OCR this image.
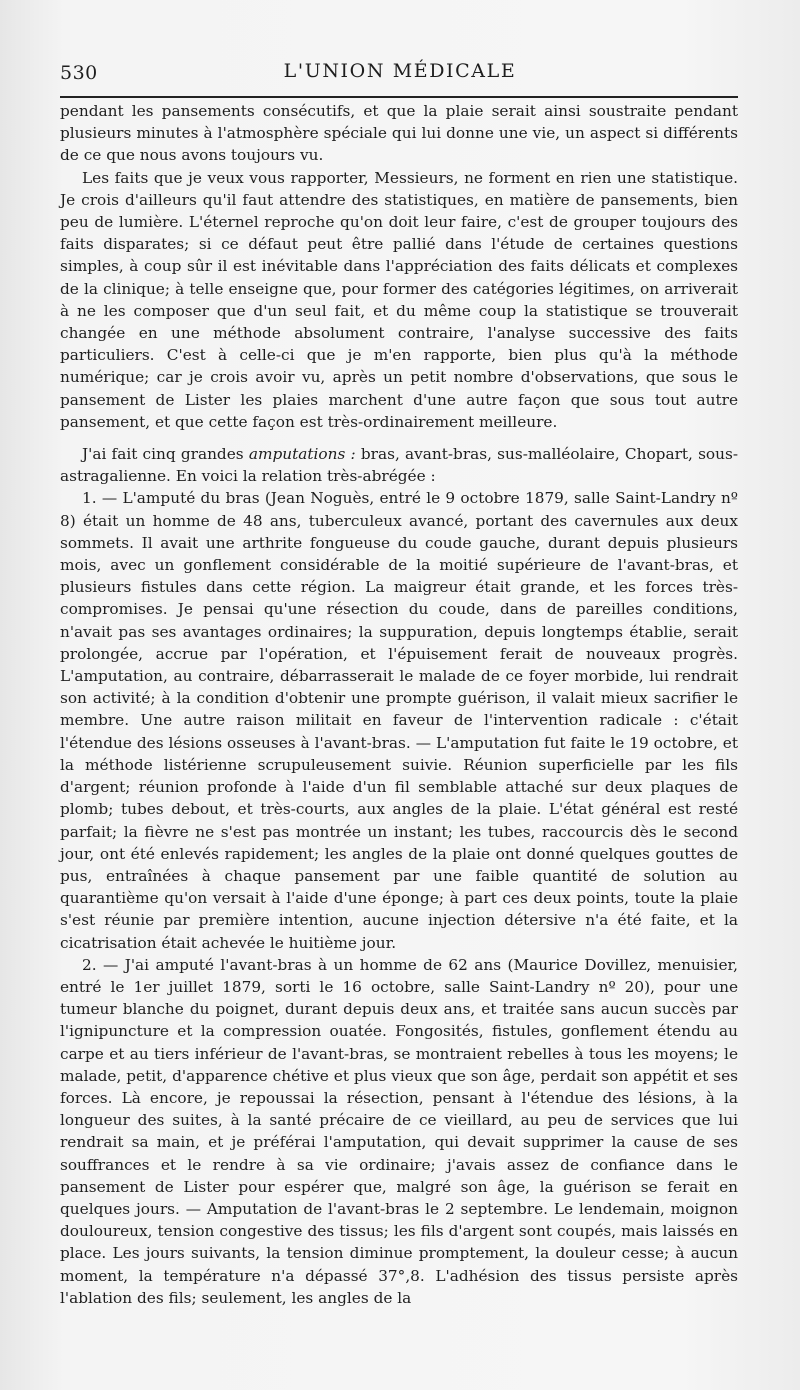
530	L'UNION MÉDICALE

pendant les pansements consécutifs, et que la plaie serait ainsi soustraite pendant plusieurs minutes à l'atmosphère spéciale qui lui donne une vie, un aspect si différents de ce que nous avons toujours vu.

Les faits que je veux vous rapporter, Messieurs, ne forment en rien une statistique. Je crois d'ailleurs qu'il faut attendre des statistiques, en matière de pansements, bien peu de lumière. L'éternel reproche qu'on doit leur faire, c'est de grouper toujours des faits disparates; si ce défaut peut être pallié dans l'étude de certaines questions simples, à coup sûr il est inévitable dans l'appréciation des faits délicats et complexes de la clinique; à telle enseigne que, pour former des catégories légitimes, on arriverait à ne les composer que d'un seul fait, et du même coup la statistique se trouverait changée en une méthode absolument contraire, l'analyse successive des faits particuliers. C'est à celle-ci que je m'en rapporte, bien plus qu'à la méthode numérique; car je crois avoir vu, après un petit nombre d'observations, que sous le pansement de Lister les plaies marchent d'une autre façon que sous tout autre pansement, et que cette façon est très-ordinairement meilleure.

J'ai fait cinq grandes amputations : bras, avant-bras, sus-malléolaire, Chopart, sous-astragalienne. En voici la relation très-abrégée :

1. — L'amputé du bras (Jean Noguès, entré le 9 octobre 1879, salle Saint-Landry nº 8) était un homme de 48 ans, tuberculeux avancé, portant des cavernules aux deux sommets. Il avait une arthrite fongueuse du coude gauche, durant depuis plusieurs mois, avec un gonflement considérable de la moitié supérieure de l'avant-bras, et plusieurs fistules dans cette région. La maigreur était grande, et les forces très-compromises. Je pensai qu'une résection du coude, dans de pareilles conditions, n'avait pas ses avantages ordinaires; la suppuration, depuis longtemps établie, serait prolongée, accrue par l'opération, et l'épuisement ferait de nouveaux progrès. L'amputation, au contraire, débarrasserait le malade de ce foyer morbide, lui rendrait son activité; à la condition d'obtenir une prompte guérison, il valait mieux sacrifier le membre. Une autre raison militait en faveur de l'intervention radicale : c'était l'étendue des lésions osseuses à l'avant-bras. — L'amputation fut faite le 19 octobre, et la méthode listérienne scrupuleusement suivie. Réunion superficielle par les fils d'argent; réunion profonde à l'aide d'un fil semblable attaché sur deux plaques de plomb; tubes debout, et très-courts, aux angles de la plaie. L'état général est resté parfait; la fièvre ne s'est pas montrée un instant; les tubes, raccourcis dès le second jour, ont été enlevés rapidement; les angles de la plaie ont donné quelques gouttes de pus, entraînées à chaque pansement par une faible quantité de solution au quarantième qu'on versait à l'aide d'une éponge; à part ces deux points, toute la plaie s'est réunie par première intention, aucune injection détersive n'a été faite, et la cicatrisation était achevée le huitième jour.

2. — J'ai amputé l'avant-bras à un homme de 62 ans (Maurice Dovillez, menuisier, entré le 1er juillet 1879, sorti le 16 octobre, salle Saint-Landry nº 20), pour une tumeur blanche du poignet, durant depuis deux ans, et traitée sans aucun succès par l'ignipuncture et la compression ouatée. Fongosités, fistules, gonflement étendu au carpe et au tiers inférieur de l'avant-bras, se montraient rebelles à tous les moyens; le malade, petit, d'apparence chétive et plus vieux que son âge, perdait son appétit et ses forces. Là encore, je repoussai la résection, pensant à l'étendue des lésions, à la longueur des suites, à la santé précaire de ce vieillard, au peu de services que lui rendrait sa main, et je préférai l'amputation, qui devait supprimer la cause de ses souffrances et le rendre à sa vie ordinaire; j'avais assez de confiance dans le pansement de Lister pour espérer que, malgré son âge, la guérison se ferait en quelques jours. — Amputation de l'avant-bras le 2 septembre. Le lendemain, moignon douloureux, tension congestive des tissus; les fils d'argent sont coupés, mais laissés en place. Les jours suivants, la tension diminue promptement, la douleur cesse; à aucun moment, la température n'a dépassé 37°,8. L'adhésion des tissus persiste après l'ablation des fils; seulement, les angles de la
